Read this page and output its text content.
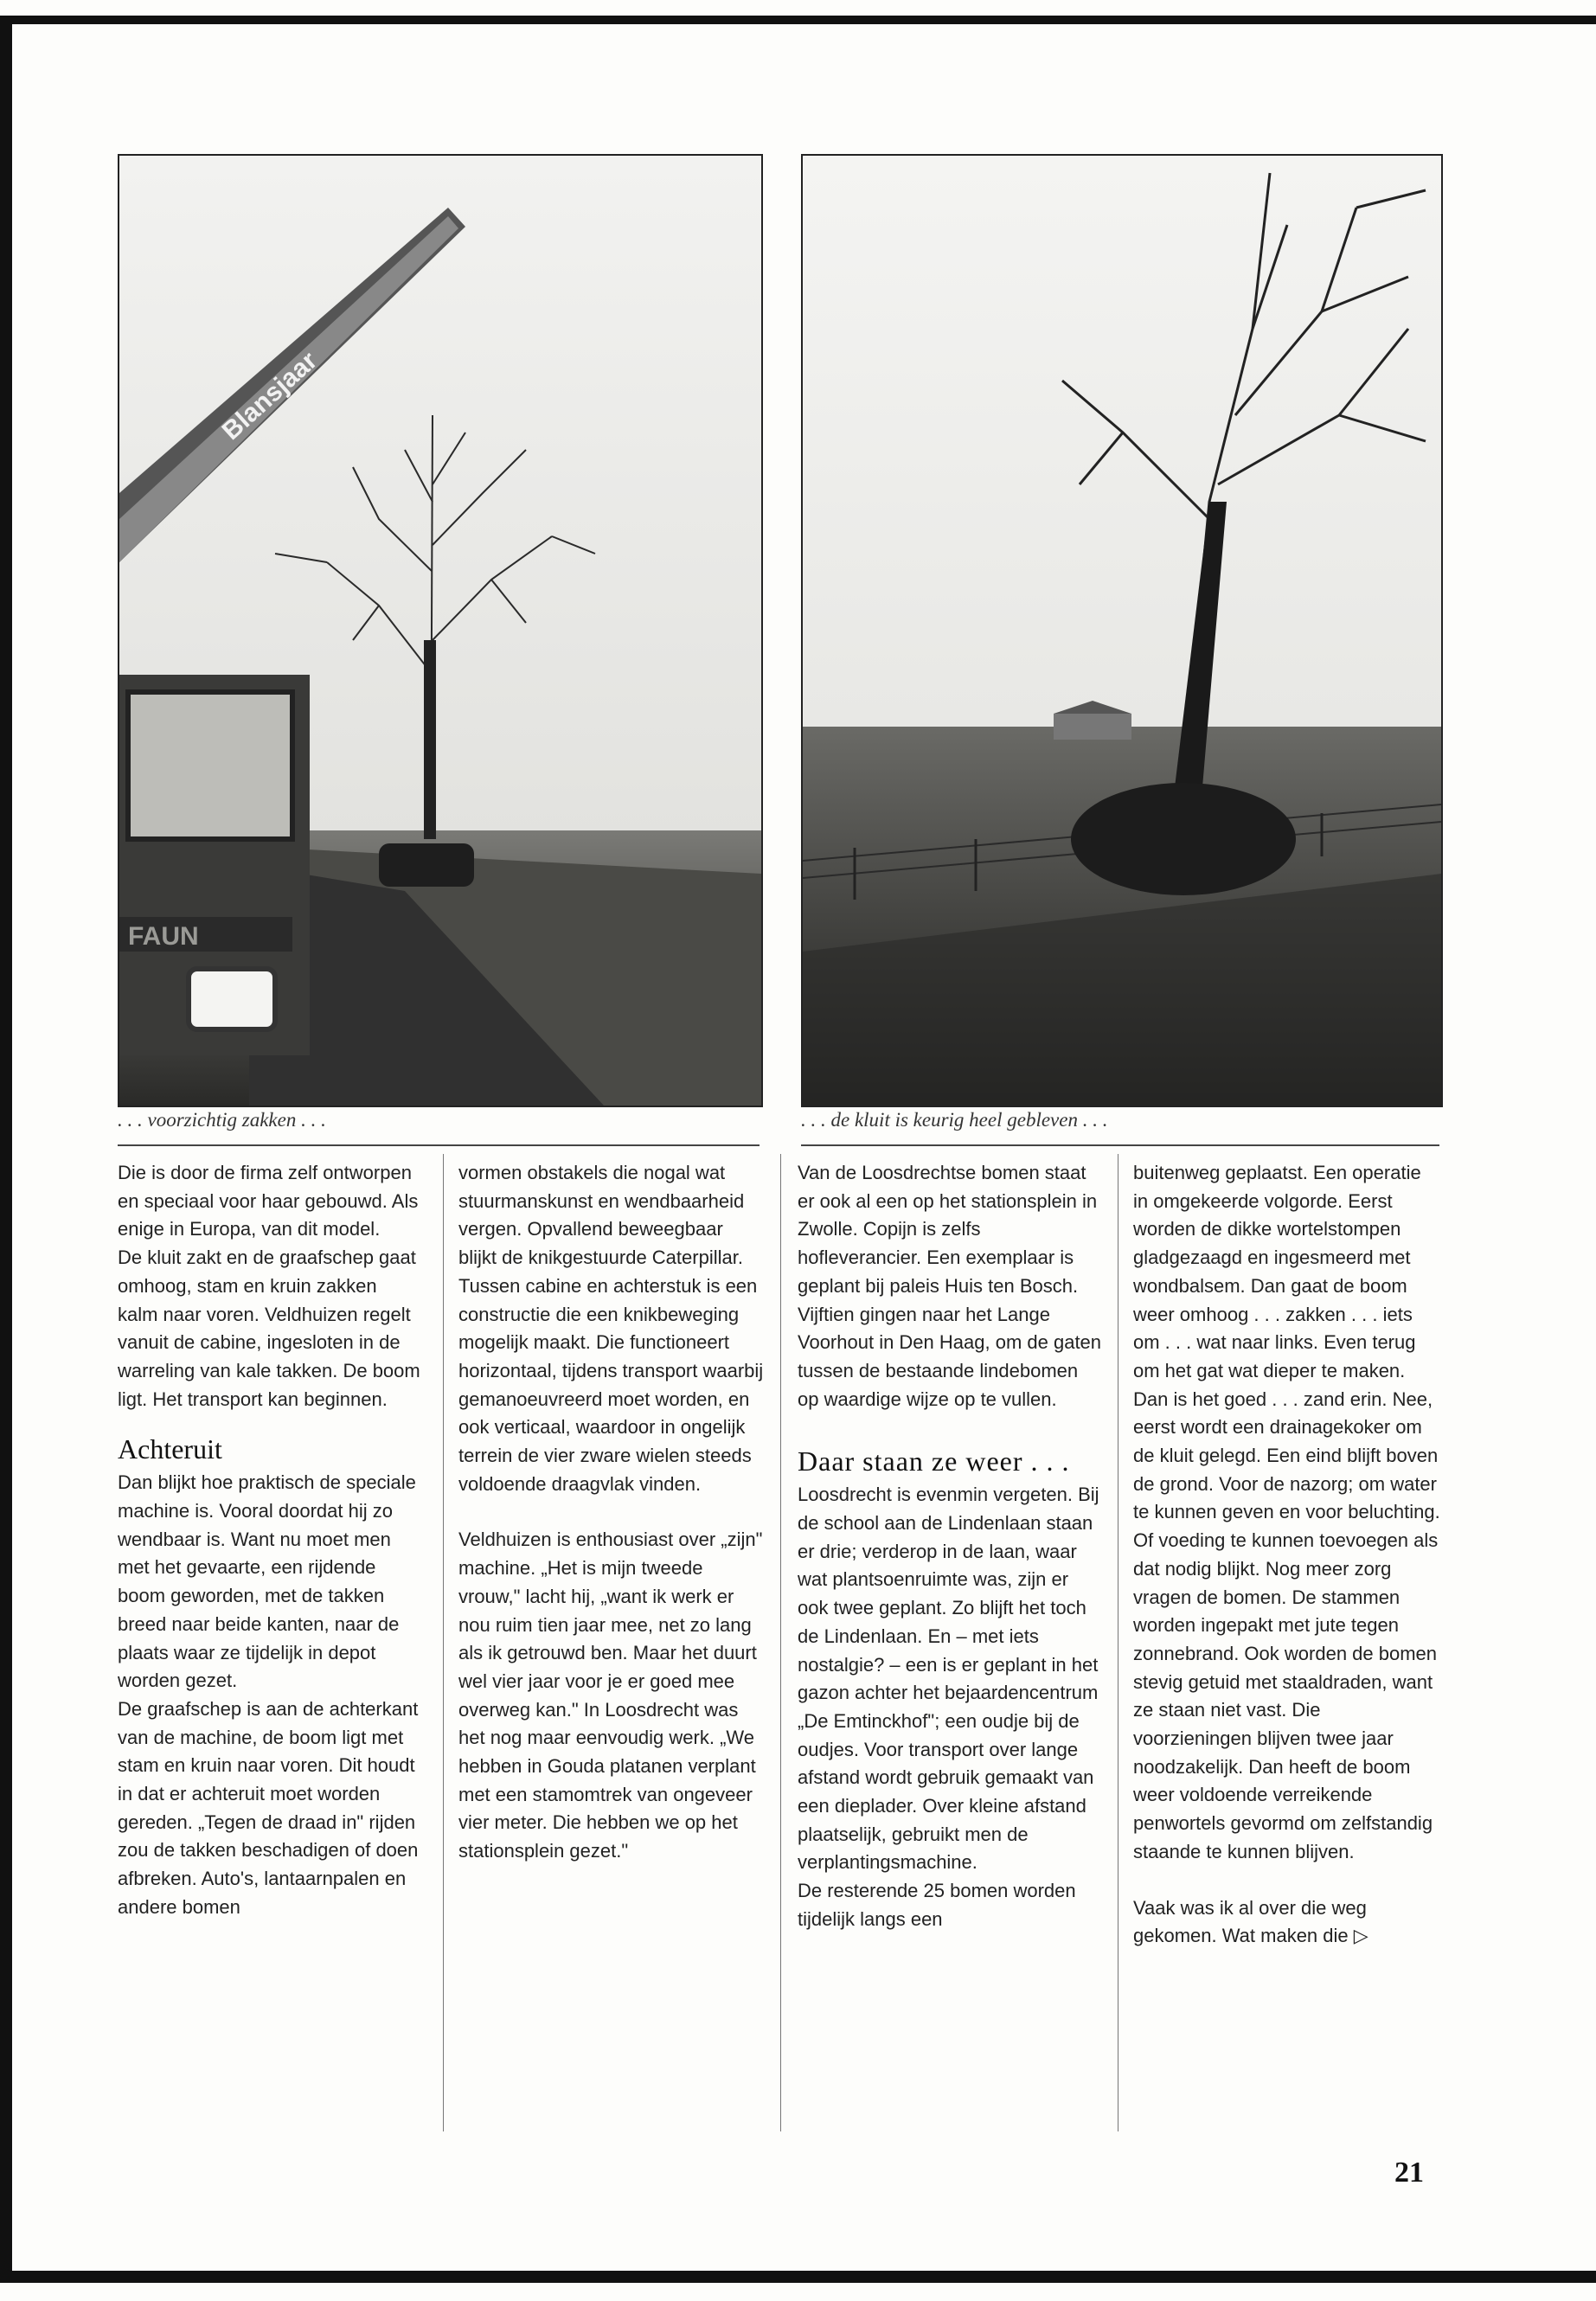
Blansjaar
FAUN
. . . voorzichtig zakken . . .	. . . de kluit is keurig heel gebleven . . .

Die is door de firma zelf ontworpen en speciaal voor haar gebouwd. Als enige in Europa, van dit model.

De kluit zakt en de graafschep gaat omhoog, stam en kruin zakken kalm naar voren. Veldhuizen regelt vanuit de cabine, ingesloten in de warreling van kale takken. De boom ligt. Het transport kan beginnen.

Achteruit

Dan blijkt hoe praktisch de speciale machine is. Vooral doordat hij zo wendbaar is. Want nu moet men met het gevaarte, een rijdende boom geworden, met de takken breed naar beide kanten, naar de plaats waar ze tijdelijk in depot worden gezet.

De graafschep is aan de achterkant van de machine, de boom ligt met stam en kruin naar voren. Dit houdt in dat er achteruit moet worden gereden. „Tegen de draad in" rijden zou de takken beschadigen of doen afbreken. Auto's, lantaarnpalen en andere bomen

vormen obstakels die nogal wat stuurmanskunst en wendbaarheid vergen. Opvallend beweegbaar blijkt de knikgestuurde Caterpillar.

Tussen cabine en achterstuk is een constructie die een knikbeweging mogelijk maakt. Die functioneert horizontaal, tijdens transport waarbij gemanoeuvreerd moet worden, en ook verticaal, waardoor in ongelijk terrein de vier zware wielen steeds voldoende draagvlak vinden.

Veldhuizen is enthousiast over „zijn" machine. „Het is mijn tweede vrouw," lacht hij, „want ik werk er nou ruim tien jaar mee, net zo lang als ik getrouwd ben. Maar het duurt wel vier jaar voor je er goed mee overweg kan." In Loosdrecht was het nog maar eenvoudig werk. „We hebben in Gouda platanen verplant met een stamomtrek van ongeveer vier meter. Die hebben we op het stationsplein gezet."

Van de Loosdrechtse bomen staat er ook al een op het stationsplein in Zwolle. Copijn is zelfs hofleverancier. Een exemplaar is geplant bij paleis Huis ten Bosch. Vijftien gingen naar het Lange Voorhout in Den Haag, om de gaten tussen de bestaande lindebomen op waardige wijze op te vullen.

Daar staan ze weer . . .

Loosdrecht is evenmin vergeten. Bij de school aan de Lindenlaan staan er drie; verderop in de laan, waar wat plantsoenruimte was, zijn er ook twee geplant. Zo blijft het toch de Lindenlaan. En – met iets nostalgie? – een is er geplant in het gazon achter het bejaardencentrum „De Emtinckhof"; een oudje bij de oudjes. Voor transport over lange afstand wordt gebruik gemaakt van een dieplader. Over kleine afstand plaatselijk, gebruikt men de verplantingsmachine.

De resterende 25 bomen worden tijdelijk langs een

buitenweg geplaatst. Een operatie in omgekeerde volgorde. Eerst worden de dikke wortelstompen gladgezaagd en ingesmeerd met wondbalsem. Dan gaat de boom weer omhoog . . . zakken . . . iets om . . . wat naar links. Even terug om het gat wat dieper te maken. Dan is het goed . . . zand erin. Nee, eerst wordt een drainagekoker om de kluit gelegd. Een eind blijft boven de grond. Voor de nazorg; om water te kunnen geven en voor beluchting. Of voeding te kunnen toevoegen als dat nodig blijkt. Nog meer zorg vragen de bomen. De stammen worden ingepakt met jute tegen zonnebrand. Ook worden de bomen stevig getuid met staaldraden, want ze staan niet vast. Die voorzieningen blijven twee jaar noodzakelijk. Dan heeft de boom weer voldoende verreikende penwortels gevormd om zelfstandig staande te kunnen blijven.

Vaak was ik al over die weg gekomen. Wat maken die ▷

21
